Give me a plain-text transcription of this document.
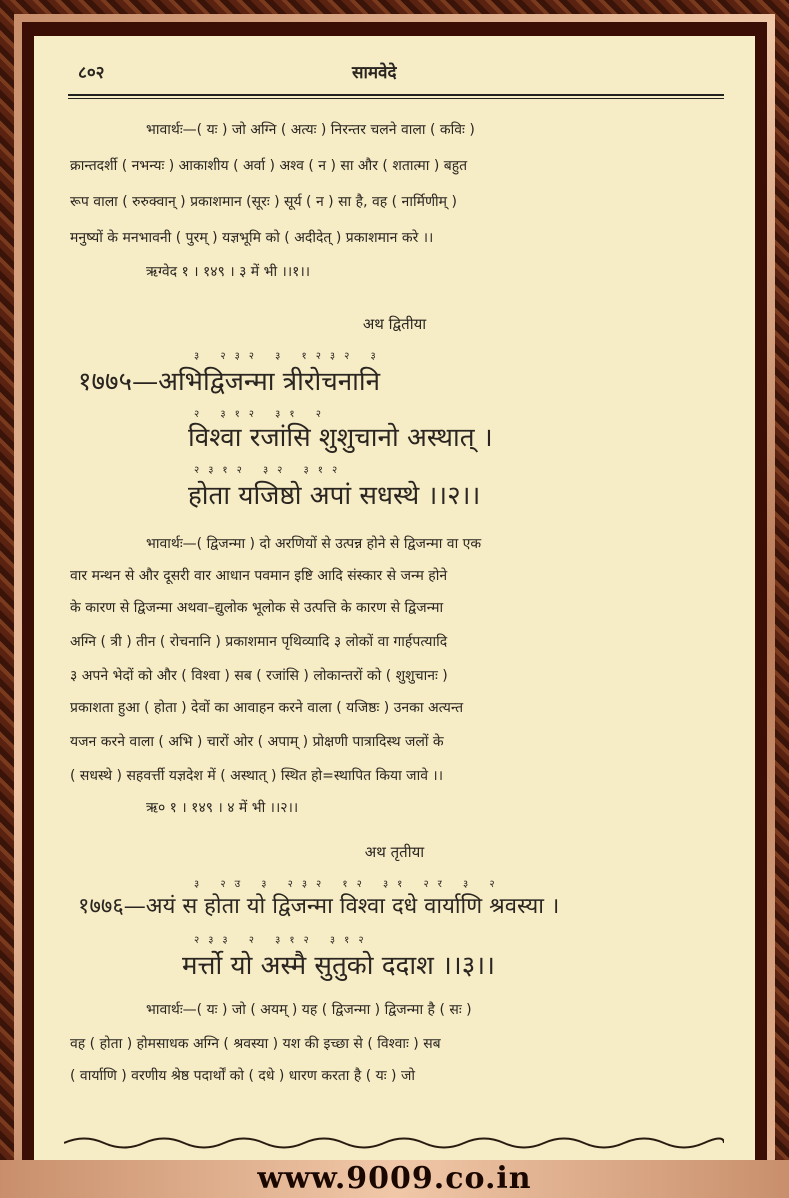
८०२	सामवेदे
भावार्थः—( यः ) जो अग्नि ( अत्यः ) निरन्तर चलने वाला ( कविः )
क्रान्तदर्शी ( नभन्यः ) आकाशीय ( अर्वा ) अश्व ( न ) सा और ( शतात्मा ) बहुत
रूप वाला ( रुरुक्वान् ) प्रकाशमान (सूरः ) सूर्य ( न ) सा है, वह ( नार्मिणीम् )
मनुष्यों के मनभावनी ( पुरम् ) यज्ञभूमि को ( अदीदेत् ) प्रकाशमान करे ।।
ऋग्वेद १ । १४९ । ३ में भी ।।१।।
अथ द्वितीया
३ २३२ ३ १२३२ ३
१७७५—अभिद्विजन्मा त्रीरोचनानि
२ ३१२ ३१ २
विश्वा रजांसि शुशुचानो अस्थात् ।
२३१२ ३२ ३१२
होता यजिष्ठो अपां सधस्थे ।।२।।
भावार्थः—( द्विजन्मा ) दो अरणियों से उत्पन्न होने से द्विजन्मा वा एक
वार मन्थन से और दूसरी वार आधान पवमान इष्टि आदि संस्कार से जन्म होने
के कारण से द्विजन्मा अथवा–द्युलोक भूलोक से उत्पत्ति के कारण से द्विजन्मा
अग्नि ( त्री ) तीन ( रोचनानि ) प्रकाशमान पृथिव्यादि ३ लोकों वा गार्हपत्यादि
३ अपने भेदों को और ( विश्वा ) सब ( रजांसि ) लोकान्तरों को ( शुशुचानः )
प्रकाशता हुआ ( होता ) देवों का आवाहन करने वाला ( यजिष्ठः ) उनका अत्यन्त
यजन करने वाला ( अभि ) चारों ओर ( अपाम् ) प्रोक्षणी पात्रादिस्थ जलों के
( सधस्थे ) सहवर्त्ती यज्ञदेश में ( अस्थात् ) स्थित हो=स्थापित किया जावे ।।
ऋ० १ । १४९ । ४ में भी ।।२।।
अथ तृतीया
३ २उ ३ २३२ १२ ३१ २र ३ २
१७७६—अयं स होता यो द्विजन्मा विश्वा दधे वार्याणि श्रवस्या ।
२३३ २ ३१२ ३१२
मर्त्तो यो अस्मै सुतुको ददाश ।।३।।
भावार्थः—( यः ) जो ( अयम् ) यह ( द्विजन्मा ) द्विजन्मा है ( सः )
वह ( होता ) होमसाधक अग्नि ( श्रवस्या ) यश की इच्छा से ( विश्वाः ) सब
( वार्याणि ) वरणीय श्रेष्ठ पदार्थों को ( दधे ) धारण करता है ( यः ) जो
www.9009.co.in
